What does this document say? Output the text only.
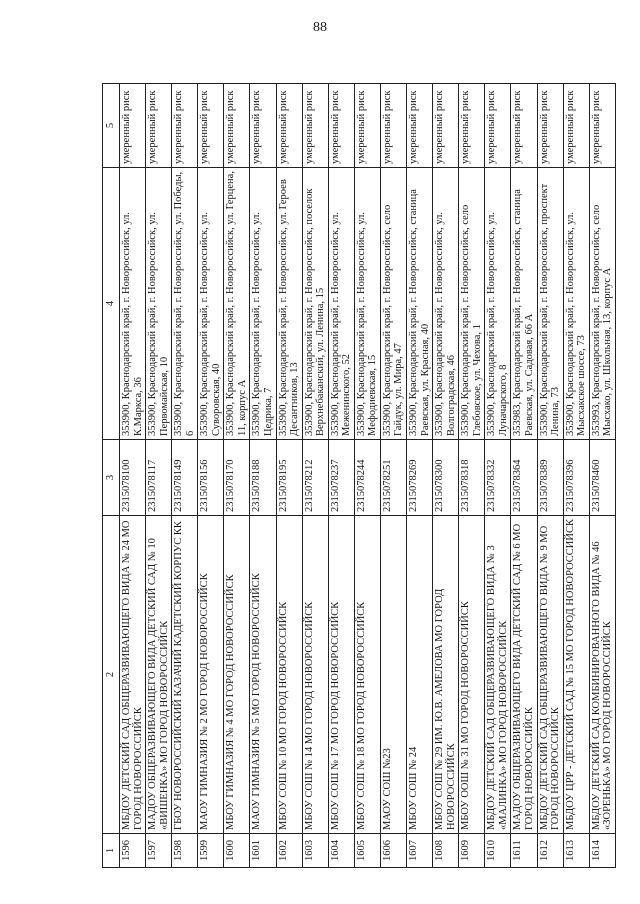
88
1	2	3	4	5
1596	МБДОУ ДЕТСКИЙ САД ОБЩЕРАЗВИВАЮЩЕГО ВИДА № 24 МО ГОРОД НОВОРОССИЙСК	2315078100	353900, Краснодарский край, г. Новороссийск, ул. К.Маркса, 36	умеренный риск
1597	МАДОУ ОБЩЕРАЗВИВАЮЩЕГО ВИДА ДЕТСКИЙ САД № 10 «ВИШЕНКА» МО ГОРОД НОВОРОССИЙСК	2315078117	353900, Краснодарский край, г. Новороссийск, ул. Первомайская, 10	умеренный риск
1598	ГБОУ НОВОРОССИЙСКИЙ КАЗАЧИЙ КАДЕТСКИЙ КОРПУС КК	2315078149	353900, Краснодарский край, г. Новороссийск, ул. Победы, 6	умеренный риск
1599	МАОУ ГИМНАЗИЯ № 2 МО ГОРОД НОВОРОССИЙСК	2315078156	353900, Краснодарский край, г. Новороссийск, ул. Суворовская, 40	умеренный риск
1600	МБОУ ГИМНАЗИЯ № 4 МО ГОРОД НОВОРОССИЙСК	2315078170	353900, Краснодарский край, г. Новороссийск, ул. Герцена, 11, корпус А	умеренный риск
1601	МАОУ ГИМНАЗИЯ № 5 МО ГОРОД НОВОРОССИЙСК	2315078188	353900, Краснодарский край, г. Новороссийск, ул. Цедрика, 7	умеренный риск
1602	МБОУ СОШ № 10 МО ГОРОД НОВОРОССИЙСК	2315078195	353900, Краснодарский край, г. Новороссийск, ул. Героев Десантников, 13	умеренный риск
1603	МБОУ СОШ № 14 МО ГОРОД НОВОРОССИЙСК	2315078212	353900, Краснодарский край, г. Новороссийск, поселок Верхнебаканский, ул. Ленина, 15	умеренный риск
1604	МБОУ СОШ № 17 МО ГОРОД НОВОРОССИЙСК	2315078237	353900, Краснодарский край, г. Новороссийск, ул. Меженинского, 52	умеренный риск
1605	МБОУ СОШ № 18 МО ГОРОД НОВОРОССИЙСК	2315078244	353900, Краснодарский край, г. Новороссийск, ул. Мефодиевская, 15	умеренный риск
1606	МАОУ СОШ №23	2315078251	353900, Краснодарский край, г. Новороссийск, село Гайдук, ул. Мира, 47	умеренный риск
1607	МБОУ СОШ № 24	2315078269	353900, Краснодарский край, г. Новороссийск, станица Раевская, ул. Красная, 40	умеренный риск
1608	МБОУ СОШ № 29 ИМ. Ю.В. АМЕЛОВА МО ГОРОД НОВОРОССИЙСК	2315078300	353900, Краснодарский край, г. Новороссийск, ул. Волгоградская, 46	умеренный риск
1609	МБОУ ООШ № 31 МО ГОРОД НОВОРОССИЙСК	2315078318	353900, Краснодарский край, г. Новороссийск, село Глебовское, ул. Чехова, 1	умеренный риск
1610	МБДОУ ДЕТСКИЙ САД ОБЩЕРАЗВИВАЮЩЕГО ВИДА № 3 «МАЛИНКА» МО ГОРОД НОВОРОССИЙСК	2315078332	353900, Краснодарский край, г. Новороссийск, ул. Луначарского, 8	умеренный риск
1611	МАДОУ ОБЩЕРАЗВИВАЮЩЕГО ВИДА ДЕТСКИЙ САД № 6 МО ГОРОД НОВОРОССИЙСК	2315078364	353983, Краснодарский край, г. Новороссийск, станица Раевская, ул. Садовая, 66 А	умеренный риск
1612	МБДОУ ДЕТСКИЙ САД ОБЩЕРАЗВИВАЮЩЕГО ВИДА № 9 МО ГОРОД НОВОРОССИЙСК	2315078389	353900, Краснодарский край, г. Новороссийск, проспект Ленина, 73	умеренный риск
1613	МБДОУ ЦРР - ДЕТСКИЙ САД № 15 МО ГОРОД НОВОРОССИЙСК	2315078396	353900, Краснодарский край, г. Новороссийск, ул. Мысхакское шоссе, 73	умеренный риск
1614	МБДОУ ДЕТСКИЙ САД КОМБИНИРОВАННОГО ВИДА № 46 «ЗОРЕНЬКА» МО ГОРОД НОВОРОССИЙСК	2315078460	353993, Краснодарский край, г. Новороссийск, село Мысхако, ул. Школьная, 13, корпус А	умеренный риск
